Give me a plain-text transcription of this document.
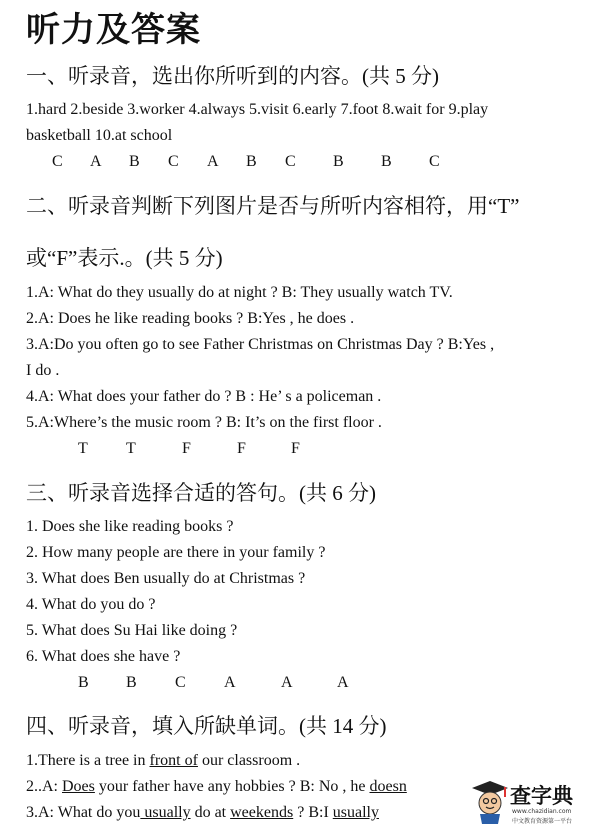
听力及答案
一、听录音，选出你所听到的内容。(共 5 分)
1.hard 2.beside 3.worker 4.always 5.visit 6.early 7.foot 8.wait for 9.play
basketball 10.at school
C A B C A B C B B C
二、听录音判断下列图片是否与所听内容相符，用“T”
或“F”表示.。(共 5 分)
1.A: What do they usually do at night ? B: They usually watch TV.
2.A: Does he like reading books ? B:Yes , he does .
3.A:Do you often go to see Father Christmas on Christmas Day ? B:Yes ,
I do .
4.A: What does your father do ? B : He’ s a policeman .
5.A:Where’s the music room ? B: It’s on the first floor .
T T	F	F	F
三、听录音选择合适的答句。(共 6 分)
1. Does she like reading books ?
2. How many people are there in your family ?
3. What does Ben usually do at Christmas ?
4. What do you do ?
5. What does Su Hai like doing ?
6. What does she have ?
B B C A	A	A
四、听录音，填入所缺单词。(共 14 分)
1.There is a tree in front of our classroom .
2..A: Does your father have any hobbies ? B: No , he doesn
3.A: What do you usually do at weekends ? B:I usually
查字典
www.chazidian.com
中文教育资源第一平台
